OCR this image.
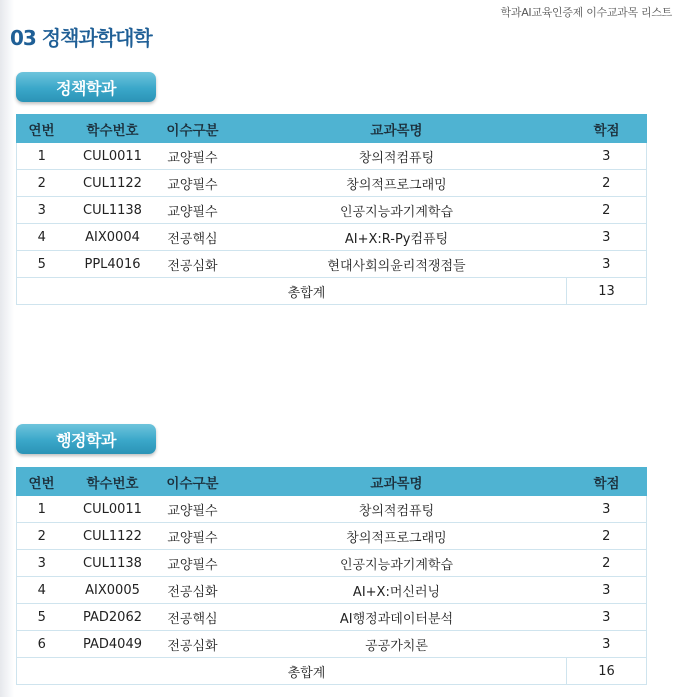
학과AI교육인증제 이수교과목 리스트
03 정책과학대학
정책학과
연번	학수번호	이수구분	교과목명	학점
1	CUL0011	교양필수	창의적컴퓨팅	3
2	CUL1122	교양필수	창의적프로그래밍	2
3	CUL1138	교양필수	인공지능과기계학습	2
4	AIX0004	전공핵심	AI+X:R-Py컴퓨팅	3
5	PPL4016	전공심화	현대사회의윤리적쟁점들	3
총합계				13
행정학과
연번	학수번호	이수구분	교과목명	학점
1	CUL0011	교양필수	창의적컴퓨팅	3
2	CUL1122	교양필수	창의적프로그래밍	2
3	CUL1138	교양필수	인공지능과기계학습	2
4	AIX0005	전공심화	AI+X:머신러닝	3
5	PAD2062	전공핵심	AI행정과데이터분석	3
6	PAD4049	전공심화	공공가치론	3
총합계				16
